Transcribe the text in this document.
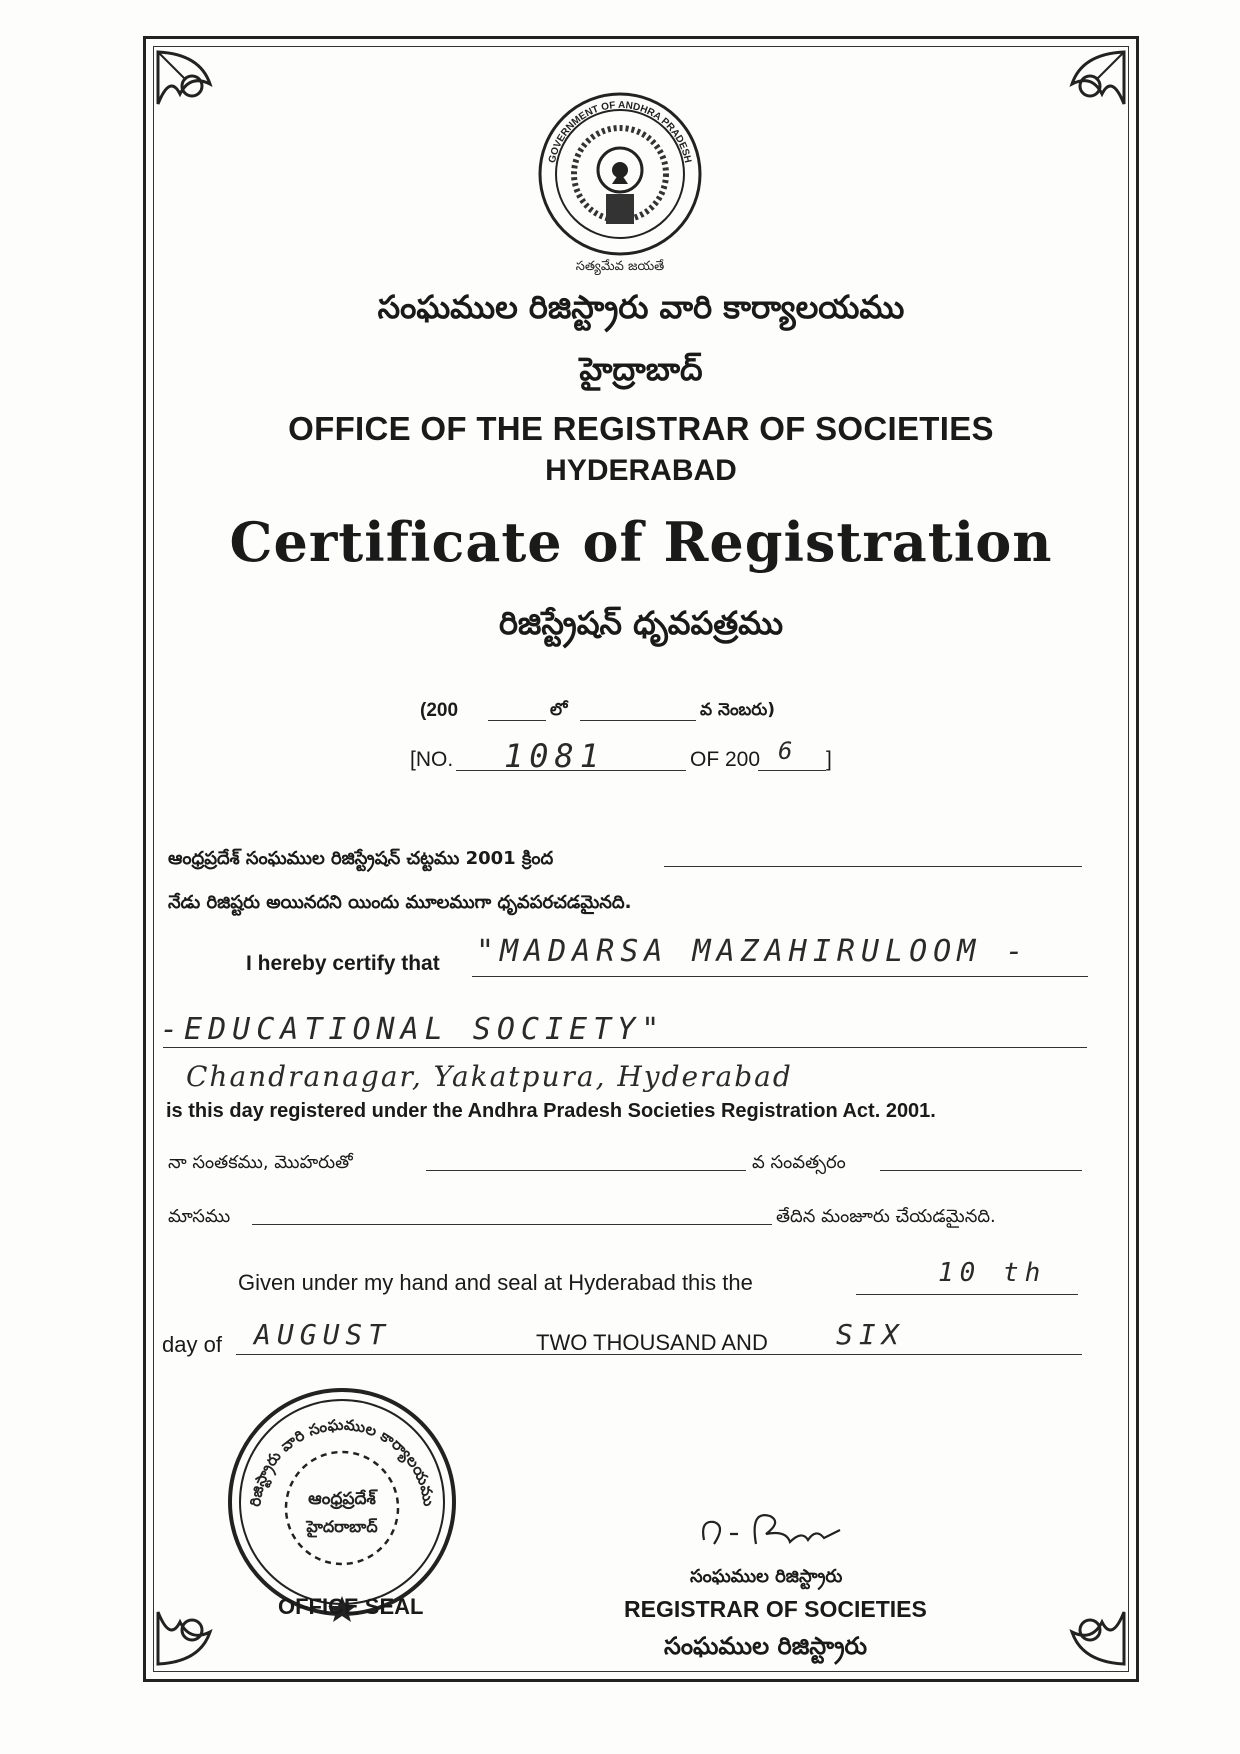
GOVERNMENT OF ANDHRA PRADESH
సత్యమేవ జయతే
సంఘముల రిజిస్ట్రారు వారి కార్యాలయము
హైద్రాబాద్
OFFICE OF THE REGISTRAR OF SOCIETIES
HYDERABAD
Certificate of Registration
రిజిస్ట్రేషన్ ధృవపత్రము
(200	లో	వ నెంబరు)
[NO. 1081	OF 200 6 ]
ఆంధ్రప్రదేశ్ సంఘముల రిజిస్ట్రేషన్ చట్టము 2001 క్రింద
నేడు రిజిష్టరు అయినదని యిందు మూలముగా ధృవపరచడమైనది.
I hereby certify that "MADARSA MAZAHIRULOOM -
-EDUCATIONAL SOCIETY"
Chandranagar, Yakatpura, Hyderabad
is this day registered under the Andhra Pradesh Societies Registration Act. 2001.
నా సంతకము, మొహరుతో	వ సంవత్సరం
మాసము	తేదిన మంజూరు చేయడమైనది.
Given under my hand and seal at Hyderabad this the	10 th
day of AUGUST	TWO THOUSAND AND SIX
రిజిస్ట్రారు వారి సంఘముల కార్యాలయము
ఆంధ్రప్రదేశ్
హైదరాబాద్
OFFICE SEAL
సంఘముల రిజిస్ట్రారు
REGISTRAR OF SOCIETIES
సంఘముల రిజిస్ట్రారు
